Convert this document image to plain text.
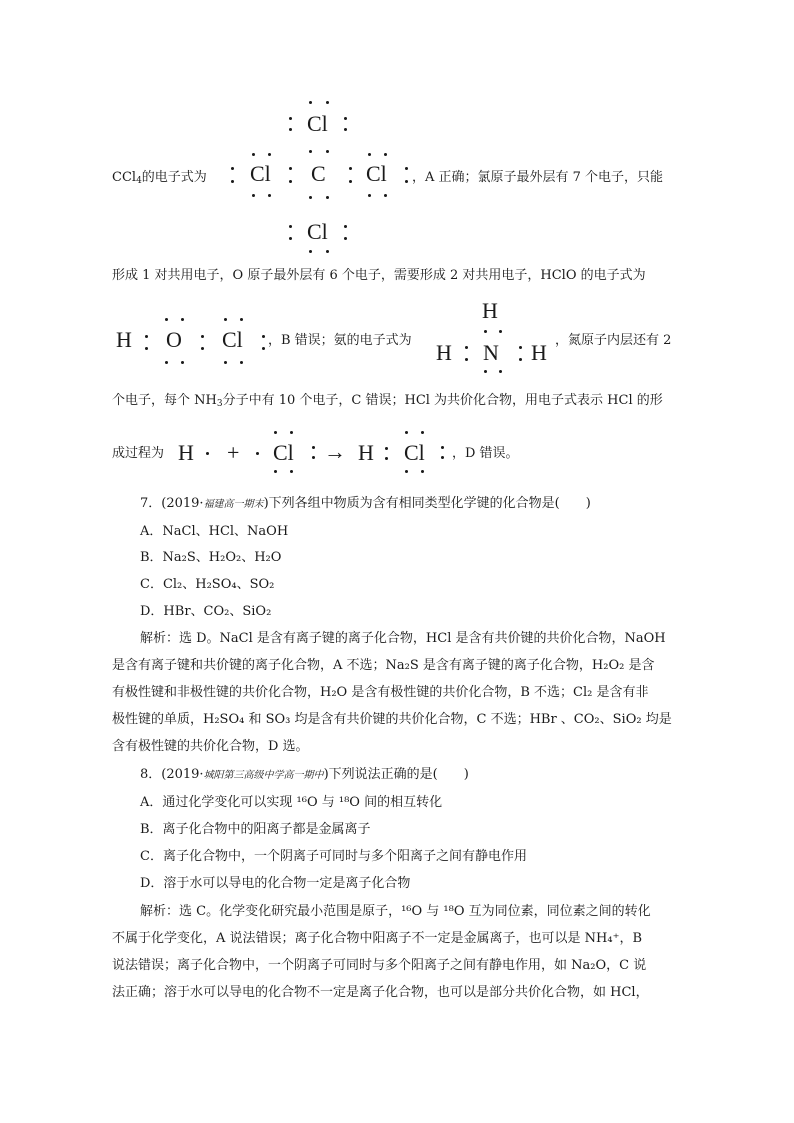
CCl$_4$的电子式为
Cl
Cl C Cl
Cl
，A 正确；氯原子最外层有 7 个电子，只能
形成 1 对共用电子，O 原子最外层有 6 个电子，需要形成 2 对共用电子，HClO 的电子式为
H O Cl ，B 错误；氨的电子式为
H
H N H ，氮原子内层还有 2
个电子，每个 $NH_3$分子中有 10 个电子，C 错误；HCl 为共价化合物，用电子式表示 HCl 的形
成过程为 H + Cl → H Cl ，D 错误。
7．(2019·福建高一期末)下列各组中物质为含有相同类型化学键的化合物是(　　)
A．NaCl、HCl、NaOH
B．Na₂S、H₂O₂、H₂O
C．Cl₂、H₂SO₄、SO₂
D．HBr、CO₂、SiO₂
解析：选 D。NaCl 是含有离子键的离子化合物，HCl 是含有共价键的共价化合物，NaOH
是含有离子键和共价键的离子化合物，A 不选；Na₂S 是含有离子键的离子化合物，H₂O₂ 是含
有极性键和非极性键的共价化合物，H₂O 是含有极性键的共价化合物，B 不选；Cl₂ 是含有非
极性键的单质，H₂SO₄ 和 SO₃ 均是含有共价键的共价化合物，C 不选；HBr 、CO₂、SiO₂ 均是
含有极性键的共价化合物，D 选。
8．(2019·城阳第三高级中学高一期中)下列说法正确的是(　　)
A．通过化学变化可以实现 ¹⁶O 与 ¹⁸O 间的相互转化
B．离子化合物中的阳离子都是金属离子
C．离子化合物中，一个阴离子可同时与多个阳离子之间有静电作用
D．溶于水可以导电的化合物一定是离子化合物
解析：选 C。化学变化研究最小范围是原子，¹⁶O 与 ¹⁸O 互为同位素，同位素之间的转化
不属于化学变化，A 说法错误；离子化合物中阳离子不一定是金属离子，也可以是 NH₄⁺，B
说法错误；离子化合物中，一个阴离子可同时与多个阳离子之间有静电作用，如 Na₂O，C 说
法正确；溶于水可以导电的化合物不一定是离子化合物，也可以是部分共价化合物，如 HCl，
